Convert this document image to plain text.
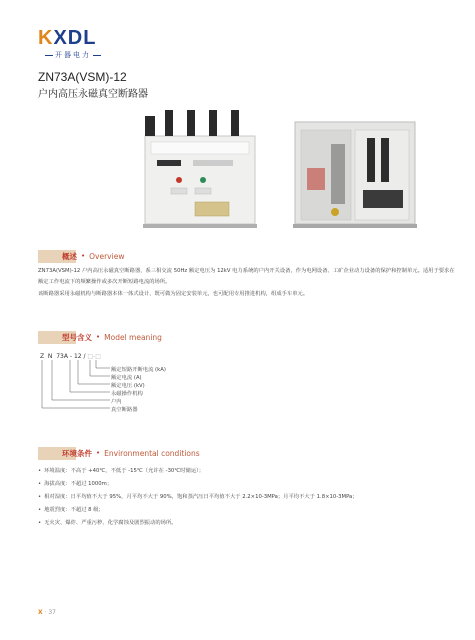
K XDL
开器电力
ZN73A(VSM)-12
户内高压永磁真空断路器
概述 • Overview
ZN73A(VSM)-12 户内高压永磁真空断路器，系三相交流 50Hz 额定电压为 12kV 电力系统的户内开关设备，作为电网设备、工矿企业动力设备的保护和控制单元。适用于要求在额定工作电流下的频繁操作或多次开断短路电流的场所。
该断路器采用永磁机构与断路器本体一体式设计，既可做为固定安装单元，也可配用专用推进机构，组成手车单元。
型号含义 • Model meaning
Z  N  73A - 12 / □-□
额定短路开断电流 (kA)
额定电流 (A)
额定电压 (kV)
永磁操作机构
户内
真空断路器
环境条件 • Environmental conditions
• 环境温度：不高于 +40℃，不低于 -15℃（允许在 -30℃时储运）；
• 海拔高度：不超过 1000m；
• 相对湿度：日平均值不大于 95%，月平均不大于 90%，饱和蒸汽压日平均值不大于 2.2×10-3MPa；月平均不大于 1.8×10-3MPa；
• 地震烈度：不超过 8 级；
• 无火灾、爆炸、严重污秽、化学腐蚀及剧烈振动的场所。
X · 37
